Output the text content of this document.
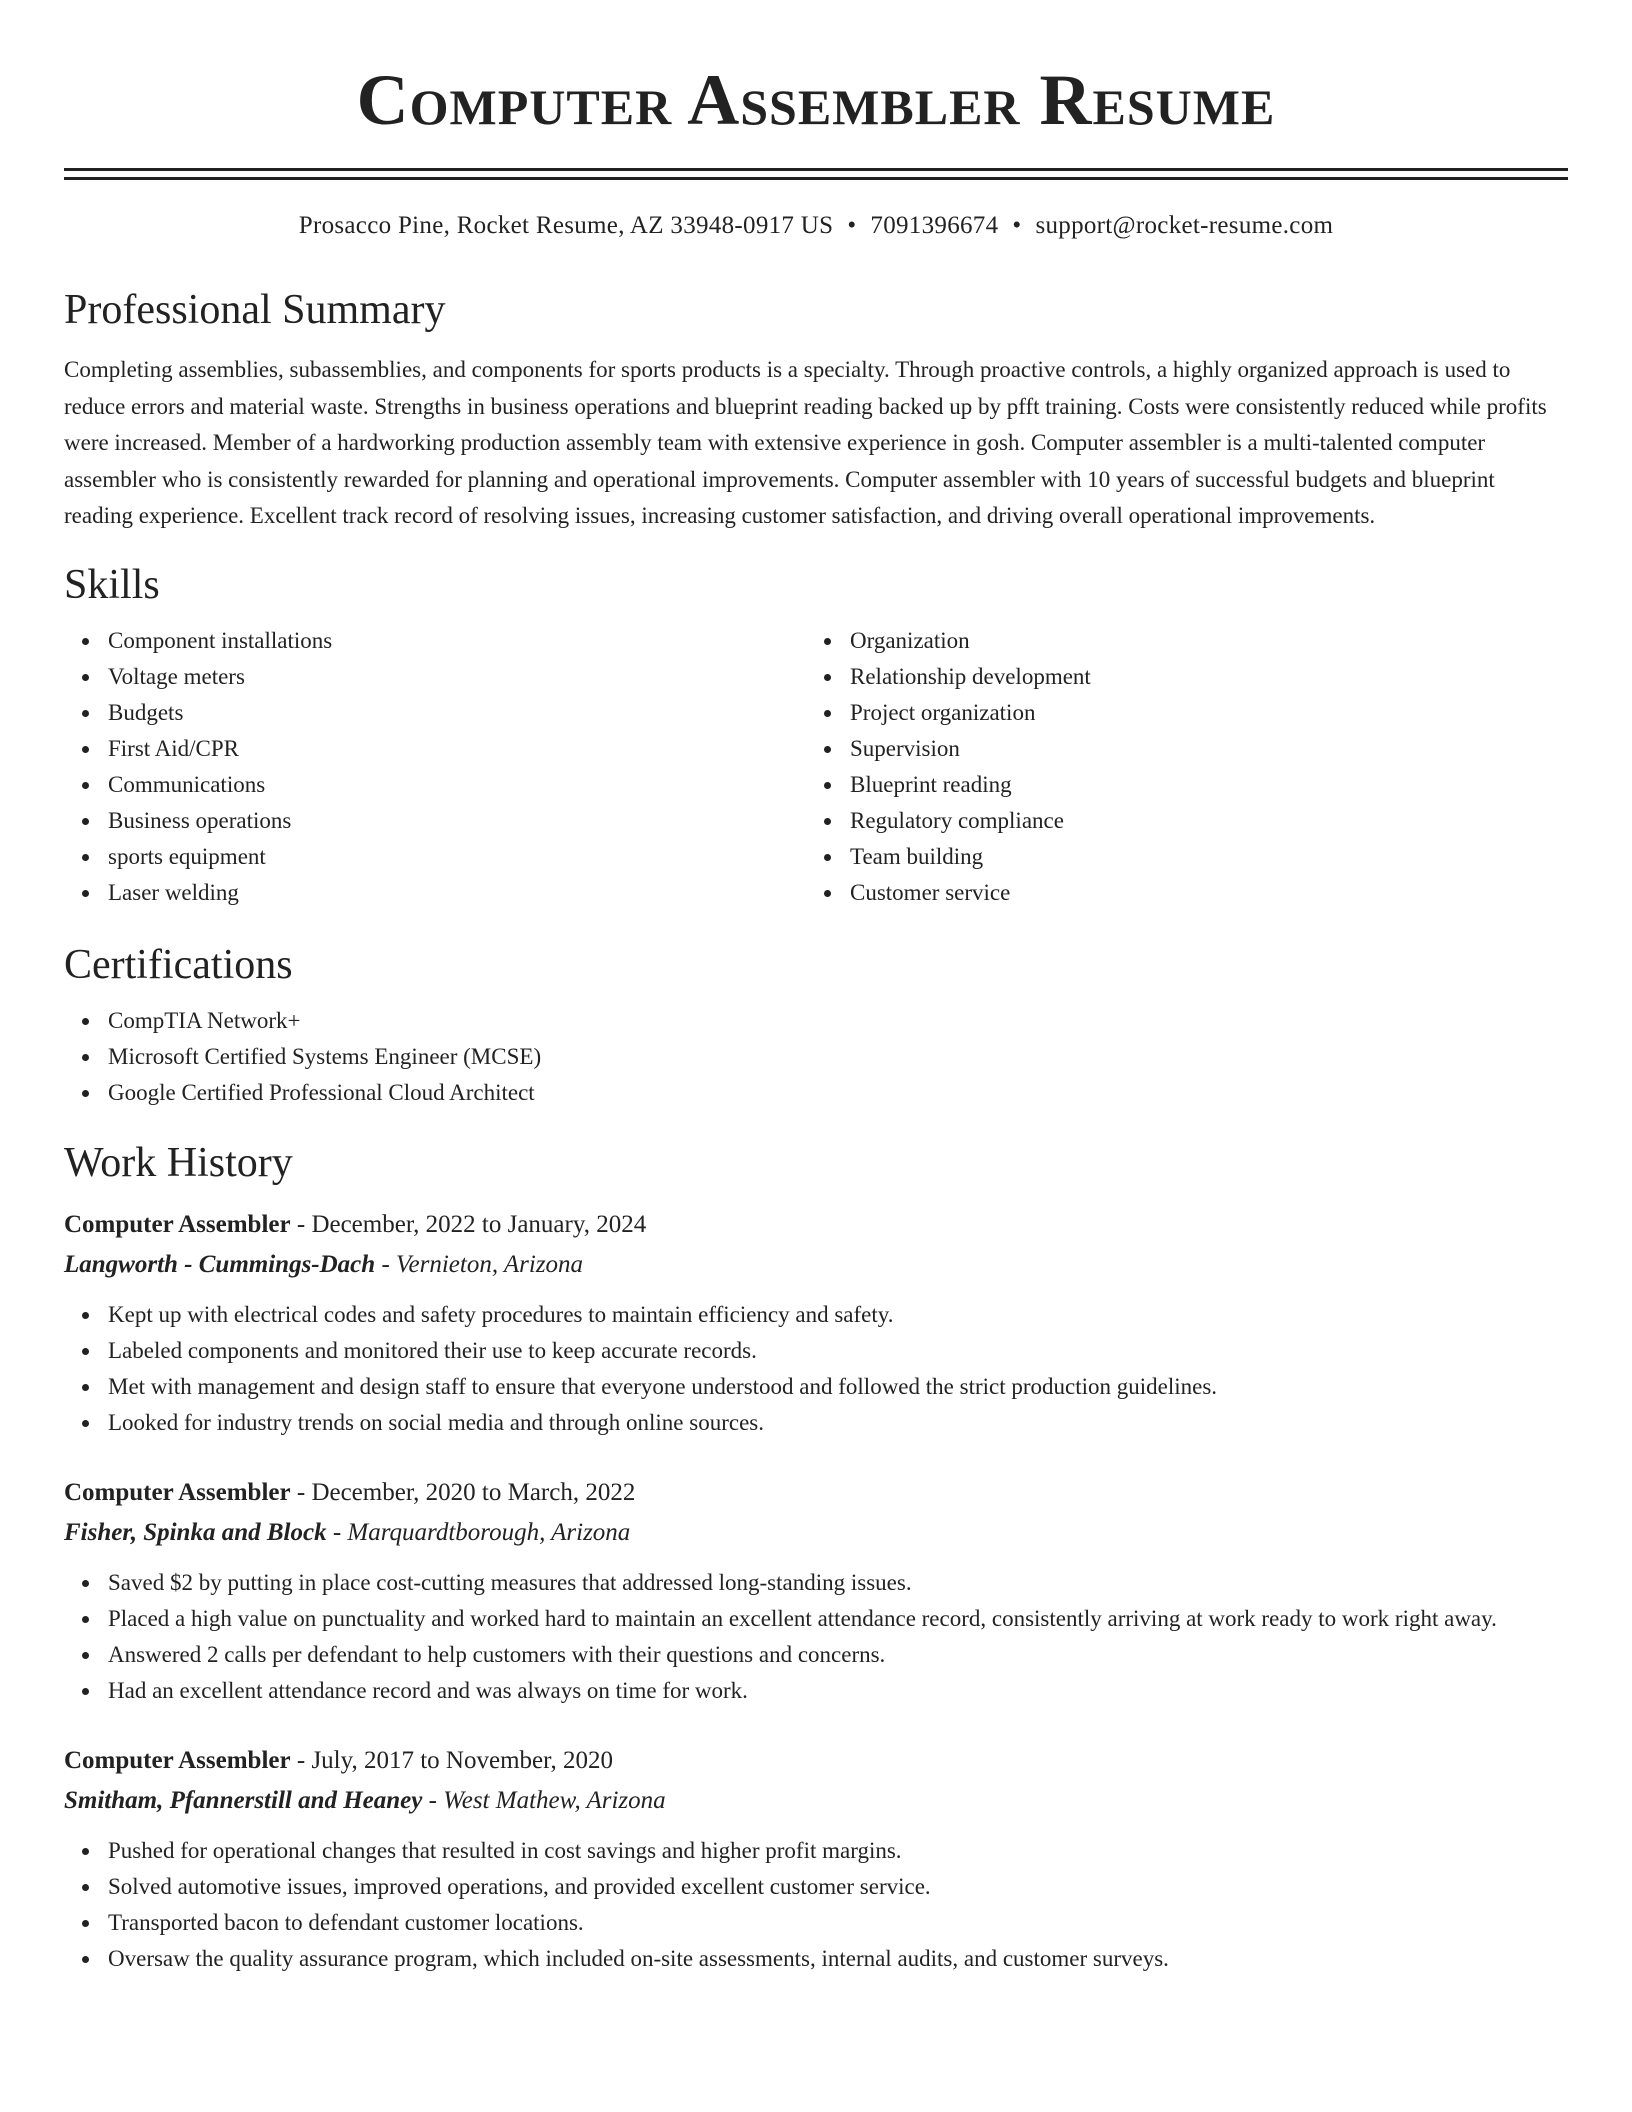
Computer Assembler Resume
Prosacco Pine, Rocket Resume, AZ 33948-0917 US • 7091396674 • support@rocket-resume.com
Professional Summary

Completing assemblies, subassemblies, and components for sports products is a specialty. Through proactive controls, a highly organized approach is used to reduce errors and material waste. Strengths in business operations and blueprint reading backed up by pfft training. Costs were consistently reduced while profits were increased. Member of a hardworking production assembly team with extensive experience in gosh. Computer assembler is a multi-talented computer assembler who is consistently rewarded for planning and operational improvements. Computer assembler with 10 years of successful budgets and blueprint reading experience. Excellent track record of resolving issues, increasing customer satisfaction, and driving overall operational improvements.

Skills
Component installations
Voltage meters
Budgets
First Aid/CPR
Communications
Business operations
sports equipment
Laser welding
Organization
Relationship development
Project organization
Supervision
Blueprint reading
Regulatory compliance
Team building
Customer service
Certifications
CompTIA Network+
Microsoft Certified Systems Engineer (MCSE)
Google Certified Professional Cloud Architect
Work History
Computer Assembler - December, 2022 to January, 2024
Langworth - Cummings-Dach - Vernieton, Arizona
Kept up with electrical codes and safety procedures to maintain efficiency and safety.
Labeled components and monitored their use to keep accurate records.
Met with management and design staff to ensure that everyone understood and followed the strict production guidelines.
Looked for industry trends on social media and through online sources.
Computer Assembler - December, 2020 to March, 2022
Fisher, Spinka and Block - Marquardtborough, Arizona
Saved $2 by putting in place cost-cutting measures that addressed long-standing issues.
Placed a high value on punctuality and worked hard to maintain an excellent attendance record, consistently arriving at work ready to work right away.
Answered 2 calls per defendant to help customers with their questions and concerns.
Had an excellent attendance record and was always on time for work.
Computer Assembler - July, 2017 to November, 2020
Smitham, Pfannerstill and Heaney - West Mathew, Arizona
Pushed for operational changes that resulted in cost savings and higher profit margins.
Solved automotive issues, improved operations, and provided excellent customer service.
Transported bacon to defendant customer locations.
Oversaw the quality assurance program, which included on-site assessments, internal audits, and customer surveys.
